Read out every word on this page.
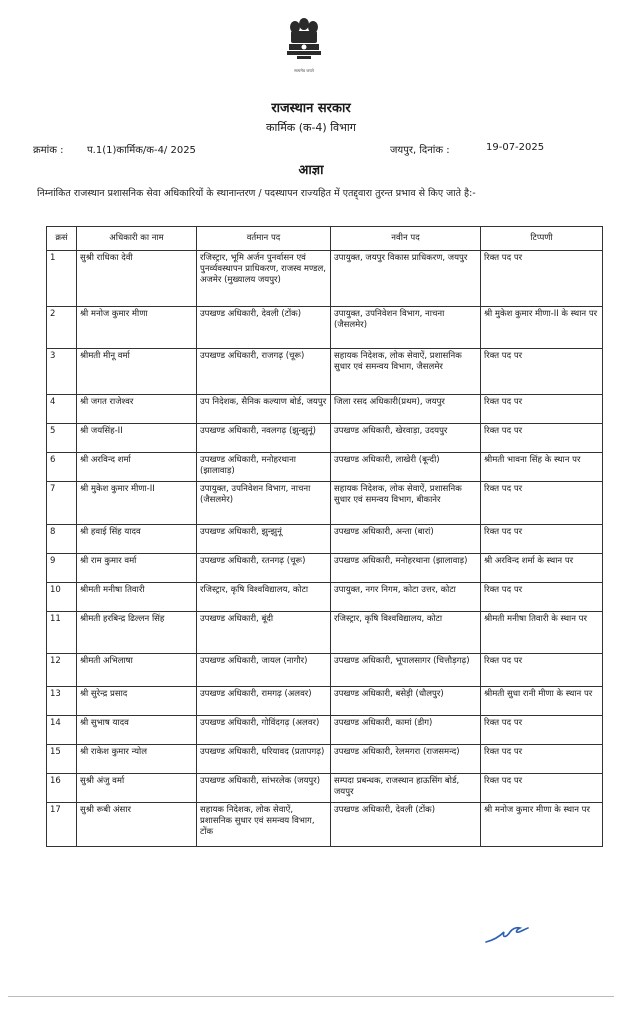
सत्यमेव जयते
राजस्थान सरकार
कार्मिक (क-4) विभाग
क्रमांक : प.1(1)कार्मिक/क-4/ 2025	जयपुर, दिनांक :	19-07-2025
आज्ञा
निम्नांकित राजस्थान प्रशासनिक सेवा अधिकारियों के स्थानान्तरण / पदस्थापन राज्यहित में एतद्द्वारा तुरन्त प्रभाव से किए जाते है:-
क्रसं	अधिकारी का नाम	वर्तमान पद	नवीन पद	टिप्पणी
1	सुश्री राधिका देवी	रजिस्ट्रार, भूमि अर्जन पुनर्वासन एवं पुनर्व्यवस्थापन प्राधिकरण, राजस्व मण्डल, अजमेर (मुख्यालय जयपुर)	उपायुक्त, जयपुर विकास प्राधिकरण, जयपुर	रिक्त पद पर
2	श्री मनोज कुमार मीणा	उपखण्ड अधिकारी, देवली (टोंक)	उपायुक्त, उपनिवेशन विभाग, नाचना (जैसलमेर)	श्री मुकेश कुमार मीणा-II के स्थान पर
3	श्रीमती मीनू वर्मा	उपखण्ड अधिकारी, राजगढ़ (चूरू)	सहायक निदेशक, लोक सेवाऐं, प्रशासनिक सुधार एवं समन्वय विभाग, जैसलमेर	रिक्त पद पर
4	श्री जगत राजेश्वर	उप निदेशक, सैनिक कल्याण बोर्ड, जयपुर	जिला रसद अधिकारी(प्रथम), जयपुर	रिक्त पद पर
5	श्री जयसिंह-II	उपखण्ड अधिकारी, नवलगढ़ (झुन्झुनूं)	उपखण्ड अधिकारी, खेरवाड़ा, उदयपुर	रिक्त पद पर
6	श्री अरविन्द शर्मा	उपखण्ड अधिकारी, मनोहरथाना (झालावाड़)	उपखण्ड अधिकारी, लाखेरी (बून्दी)	श्रीमती भावना सिंह के स्थान पर
7	श्री मुकेश कुमार मीणा-II	उपायुक्त, उपनिवेशन विभाग, नाचना (जैसलमेर)	सहायक निदेशक, लोक सेवाऐं, प्रशासनिक सुधार एवं समन्वय विभाग, बीकानेर	रिक्त पद पर
8	श्री हवाई सिंह यादव	उपखण्ड अधिकारी, झुन्झुनूं	उपखण्ड अधिकारी, अन्ता (बारां)	रिक्त पद पर
9	श्री राम कुमार वर्मा	उपखण्ड अधिकारी, रतनगढ़ (चूरू)	उपखण्ड अधिकारी, मनोहरथाना (झालावाड़)	श्री अरविन्द शर्मा के स्थान पर
10	श्रीमती मनीषा तिवारी	रजिस्ट्रार, कृषि विश्वविद्यालय, कोटा	उपायुक्त, नगर निगम, कोटा उत्तर, कोटा	रिक्त पद पर
11	श्रीमती हरबिन्द्र ढिल्लन सिंह	उपखण्ड अधिकारी, बूंदी	रजिस्ट्रार, कृषि विश्वविद्यालय, कोटा	श्रीमती मनीषा तिवारी के स्थान पर
12	श्रीमती अभिलाषा	उपखण्ड अधिकारी, जायल (नागौर)	उपखण्ड अधिकारी, भूपालसागर (चित्तौड़गढ़)	रिक्त पद पर
13	श्री सुरेन्द्र प्रसाद	उपखण्ड अधिकारी, रामगढ़ (अलवर)	उपखण्ड अधिकारी, बसेड़ी (धौलपुर)	श्रीमती सुधा रानी मीणा के स्थान पर
14	श्री सुभाष यादव	उपखण्ड अधिकारी, गोविंदगढ़ (अलवर)	उपखण्ड अधिकारी, कामां (डीग)	रिक्त पद पर
15	श्री राकेश कुमार न्योल	उपखण्ड अधिकारी, धरियावद (प्रतापगढ़)	उपखण्ड अधिकारी, रेलमगरा (राजसमन्द)	रिक्त पद पर
16	सुश्री अंजु वर्मा	उपखण्ड अधिकारी, सांभरलेक (जयपुर)	सम्पदा प्रबन्धक, राजस्थान हाऊसिंग बोर्ड, जयपुर	रिक्त पद पर
17	सुश्री रूबी अंसार	सहायक निदेशक, लोक सेवाऐं, प्रशासनिक सुधार एवं समन्वय विभाग, टोंक	उपखण्ड अधिकारी, देवली (टोंक)	श्री मनोज कुमार मीणा के स्थान पर
